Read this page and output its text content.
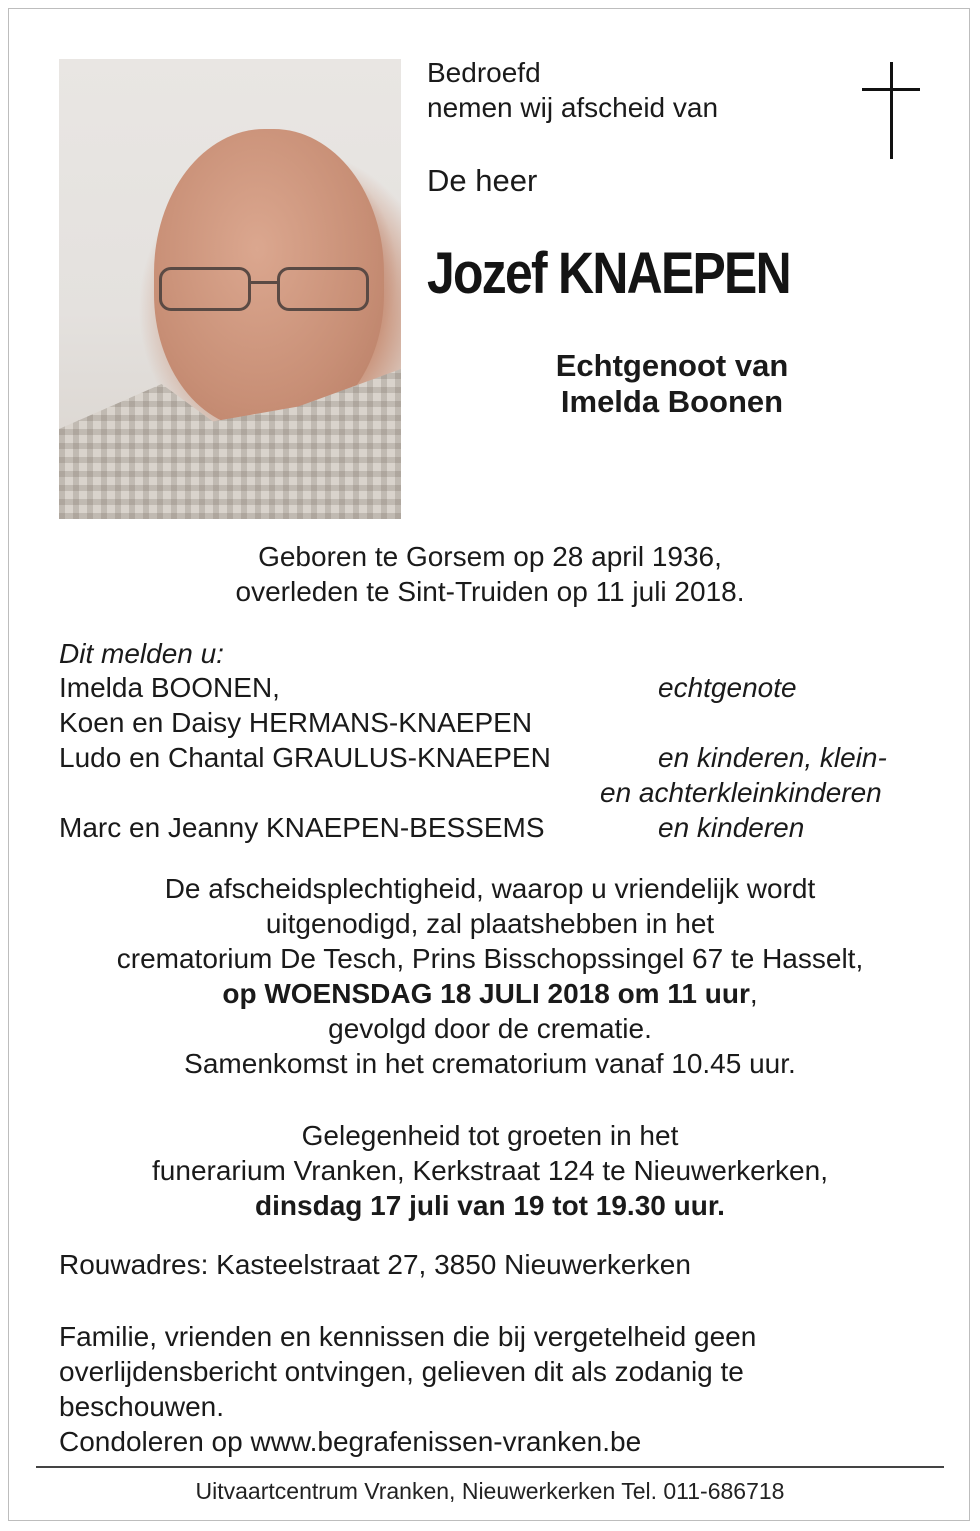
Bedroefd

nemen wij afscheid van

De heer

Jozef KNAEPEN
Echtgenoot van
Imelda Boonen
Geboren te Gorsem op 28 april 1936,
overleden te Sint-Truiden op 11 juli 2018.

Dit melden u:

Imelda BOONEN,	echtgenote
Koen en Daisy HERMANS-KNAEPEN
Ludo en Chantal GRAULUS-KNAEPEN	en kinderen, klein-
en achterkleinkinderen
Marc en Jeanny KNAEPEN-BESSEMS	en kinderen
De afscheidsplechtigheid, waarop u vriendelijk wordt
uitgenodigd, zal plaatshebben in het
crematorium De Tesch, Prins Bisschopssingel 67 te Hasselt,
op WOENSDAG 18 JULI 2018 om 11 uur,
gevolgd door de crematie.
Samenkomst in het crematorium vanaf 10.45 uur.
Gelegenheid tot groeten in het
funerarium Vranken, Kerkstraat 124 te Nieuwerkerken,
dinsdag 17 juli van 19 tot 19.30 uur.

Rouwadres: Kasteelstraat 27, 3850 Nieuwerkerken

Familie, vrienden en kennissen die bij vergetelheid geen
overlijdensbericht ontvingen, gelieven dit als zodanig te
beschouwen.
Condoleren op www.begrafenissen-vranken.be

Uitvaartcentrum Vranken, Nieuwerkerken Tel. 011-686718
